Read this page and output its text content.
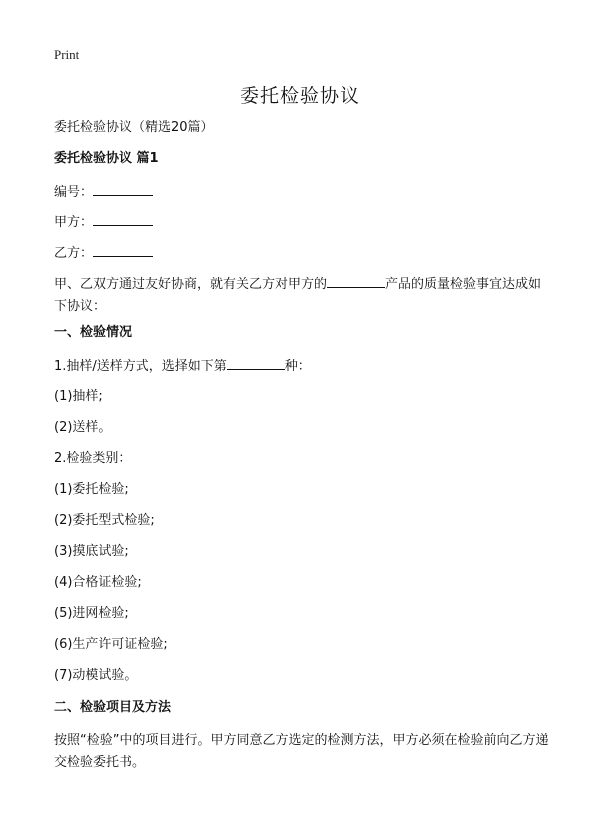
Print
委托检验协议
委托检验协议（精选20篇）
委托检验协议 篇1
编号：
甲方：
乙方：
甲、乙双方通过友好协商，就有关乙方对甲方的	产品的质量检验事宜达成如下协议：
一、检验情况
1.抽样/送样方式，选择如下第	种：
(1)抽样;
(2)送样。
2.检验类别：
(1)委托检验;
(2)委托型式检验;
(3)摸底试验;
(4)合格证检验;
(5)进网检验;
(6)生产许可证检验;
(7)动模试验。
二、检验项目及方法
按照“检验”中的项目进行。甲方同意乙方选定的检测方法，甲方必须在检验前向乙方递交检验委托书。
